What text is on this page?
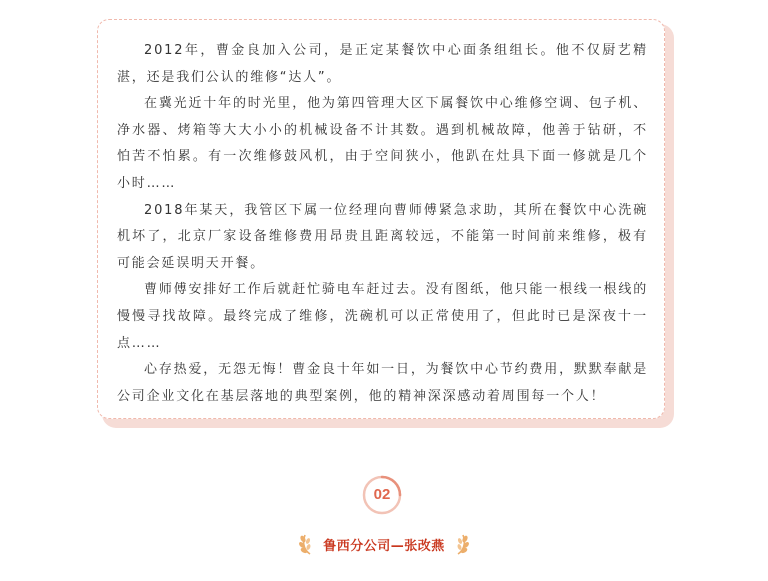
2012年，曹金良加入公司，是正定某餐饮中心面条组组长。他不仅厨艺精湛，还是我们公认的维修“达人”。

在冀光近十年的时光里，他为第四管理大区下属餐饮中心维修空调、包子机、净水器、烤箱等大大小小的机械设备不计其数。遇到机械故障，他善于钻研，不怕苦不怕累。有一次维修鼓风机，由于空间狭小，他趴在灶具下面一修就是几个小时……

2018年某天，我管区下属一位经理向曹师傅紧急求助，其所在餐饮中心洗碗机坏了，北京厂家设备维修费用昂贵且距离较远，不能第一时间前来维修，极有可能会延误明天开餐。

曹师傅安排好工作后就赶忙骑电车赶过去。没有图纸，他只能一根线一根线的慢慢寻找故障。最终完成了维修，洗碗机可以正常使用了，但此时已是深夜十一点……

心存热爱，无怨无悔！曹金良十年如一日，为餐饮中心节约费用，默默奉献是公司企业文化在基层落地的典型案例，他的精神深深感动着周围每一个人！

02
鲁西分公司—张改燕
